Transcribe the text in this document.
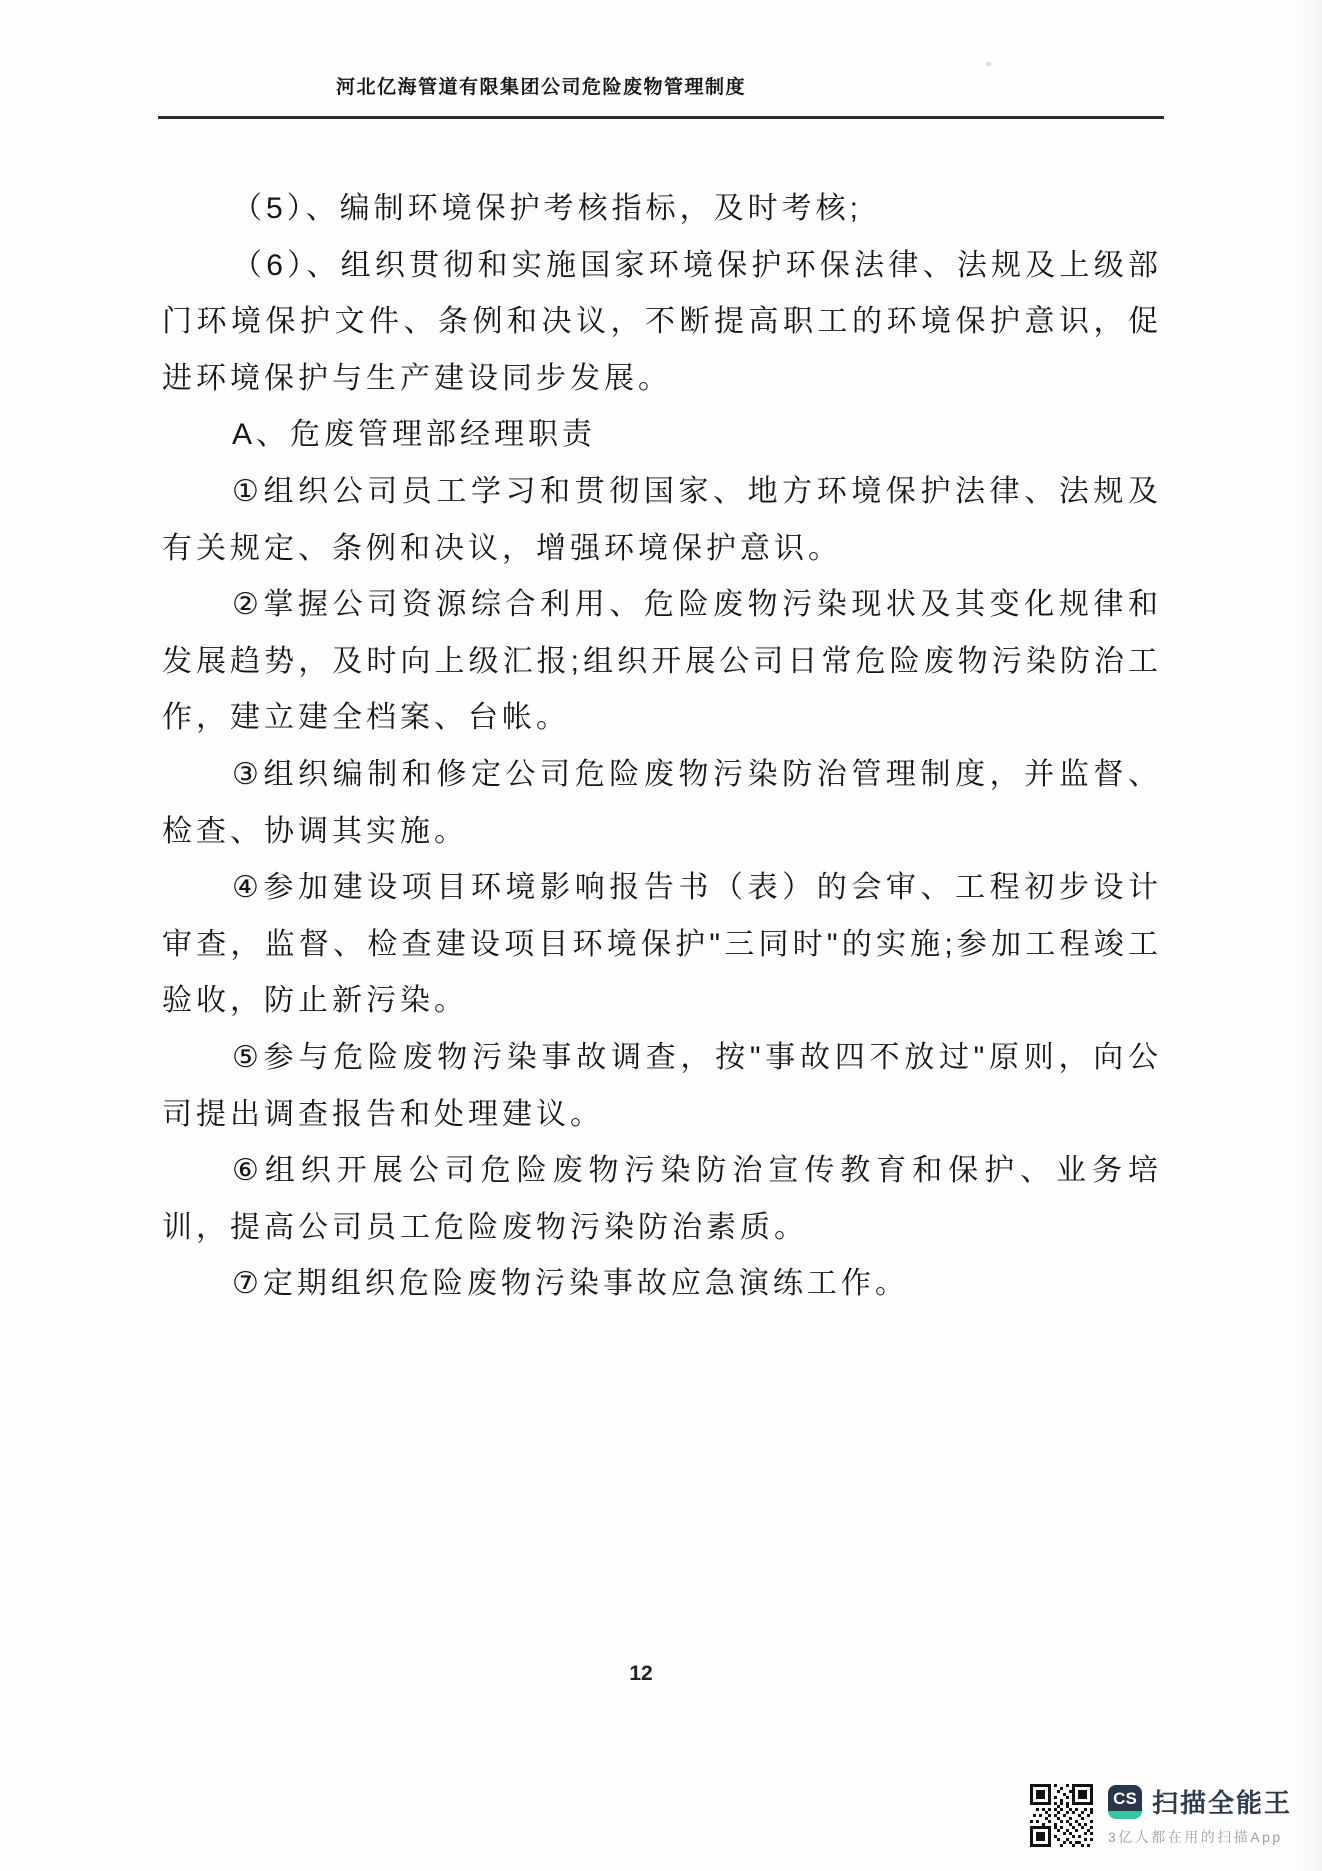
河北亿海管道有限集团公司危险废物管理制度

（5）、编制环境保护考核指标，及时考核;

（6）、组织贯彻和实施国家环境保护环保法律、法规及上级部门环境保护文件、条例和决议，不断提高职工的环境保护意识，促进环境保护与生产建设同步发展。

A、危废管理部经理职责

①组织公司员工学习和贯彻国家、地方环境保护法律、法规及有关规定、条例和决议，增强环境保护意识。

②掌握公司资源综合利用、危险废物污染现状及其变化规律和发展趋势，及时向上级汇报;组织开展公司日常危险废物污染防治工作，建立建全档案、台帐。

③组织编制和修定公司危险废物污染防治管理制度，并监督、检查、协调其实施。

④参加建设项目环境影响报告书（表）的会审、工程初步设计审查，监督、检查建设项目环境保护"三同时"的实施;参加工程竣工验收，防止新污染。

⑤参与危险废物污染事故调查，按"事故四不放过"原则，向公司提出调查报告和处理建议。

⑥组织开展公司危险废物污染防治宣传教育和保护、业务培训，提高公司员工危险废物污染防治素质。

⑦定期组织危险废物污染事故应急演练工作。

12
CS 扫描全能王
3亿人都在用的扫描App
